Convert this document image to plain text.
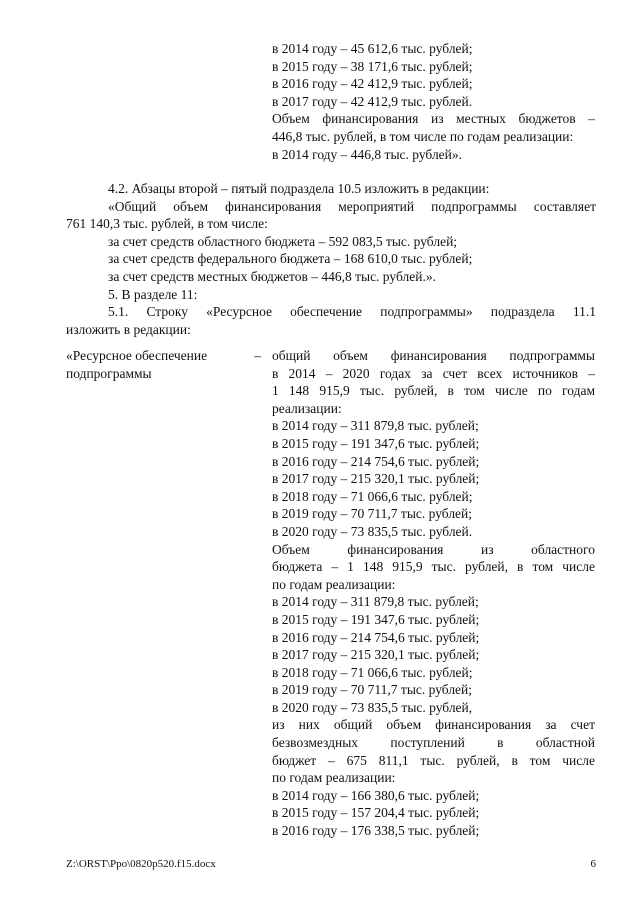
в 2014 году – 45 612,6 тыс. рублей;
в 2015 году – 38 171,6 тыс. рублей;
в 2016 году – 42 412,9 тыс. рублей;
в 2017 году – 42 412,9 тыс. рублей.
Объем финансирования из местных бюджетов –
446,8 тыс. рублей, в том числе по годам реализации:
в 2014 году – 446,8 тыс. рублей».
4.2. Абзацы второй – пятый подраздела 10.5 изложить в редакции:
«Общий объем финансирования мероприятий подпрограммы составляет
761 140,3 тыс. рублей, в том числе:
за счет средств областного бюджета – 592 083,5 тыс. рублей;
за счет средств федерального бюджета – 168 610,0 тыс. рублей;
за счет средств местных бюджетов – 446,8 тыс. рублей.».
5. В разделе 11:
5.1. Строку «Ресурсное обеспечение подпрограммы» подраздела 11.1
изложить в редакции:
«Ресурсное обеспечение	–
подпрограммы
общий объем финансирования подпрограммы
в 2014 – 2020 годах за счет всех источников –
1 148 915,9 тыс. рублей, в том числе по годам
реализации:
в 2014 году – 311 879,8 тыс. рублей;
в 2015 году – 191 347,6 тыс. рублей;
в 2016 году – 214 754,6 тыс. рублей;
в 2017 году – 215 320,1 тыс. рублей;
в 2018 году – 71 066,6 тыс. рублей;
в 2019 году – 70 711,7 тыс. рублей;
в 2020 году – 73 835,5 тыс. рублей.
Объем финансирования из областного
бюджета – 1 148 915,9 тыс. рублей, в том числе
по годам реализации:
в 2014 году – 311 879,8 тыс. рублей;
в 2015 году – 191 347,6 тыс. рублей;
в 2016 году – 214 754,6 тыс. рублей;
в 2017 году – 215 320,1 тыс. рублей;
в 2018 году – 71 066,6 тыс. рублей;
в 2019 году – 70 711,7 тыс. рублей;
в 2020 году – 73 835,5 тыс. рублей,
из них общий объем финансирования за счет
безвозмездных поступлений в областной
бюджет – 675 811,1 тыс. рублей, в том числе
по годам реализации:
в 2014 году – 166 380,6 тыс. рублей;
в 2015 году – 157 204,4 тыс. рублей;
в 2016 году – 176 338,5 тыс. рублей;
Z:\ORST\Ppo\0820p520.f15.docx	6
